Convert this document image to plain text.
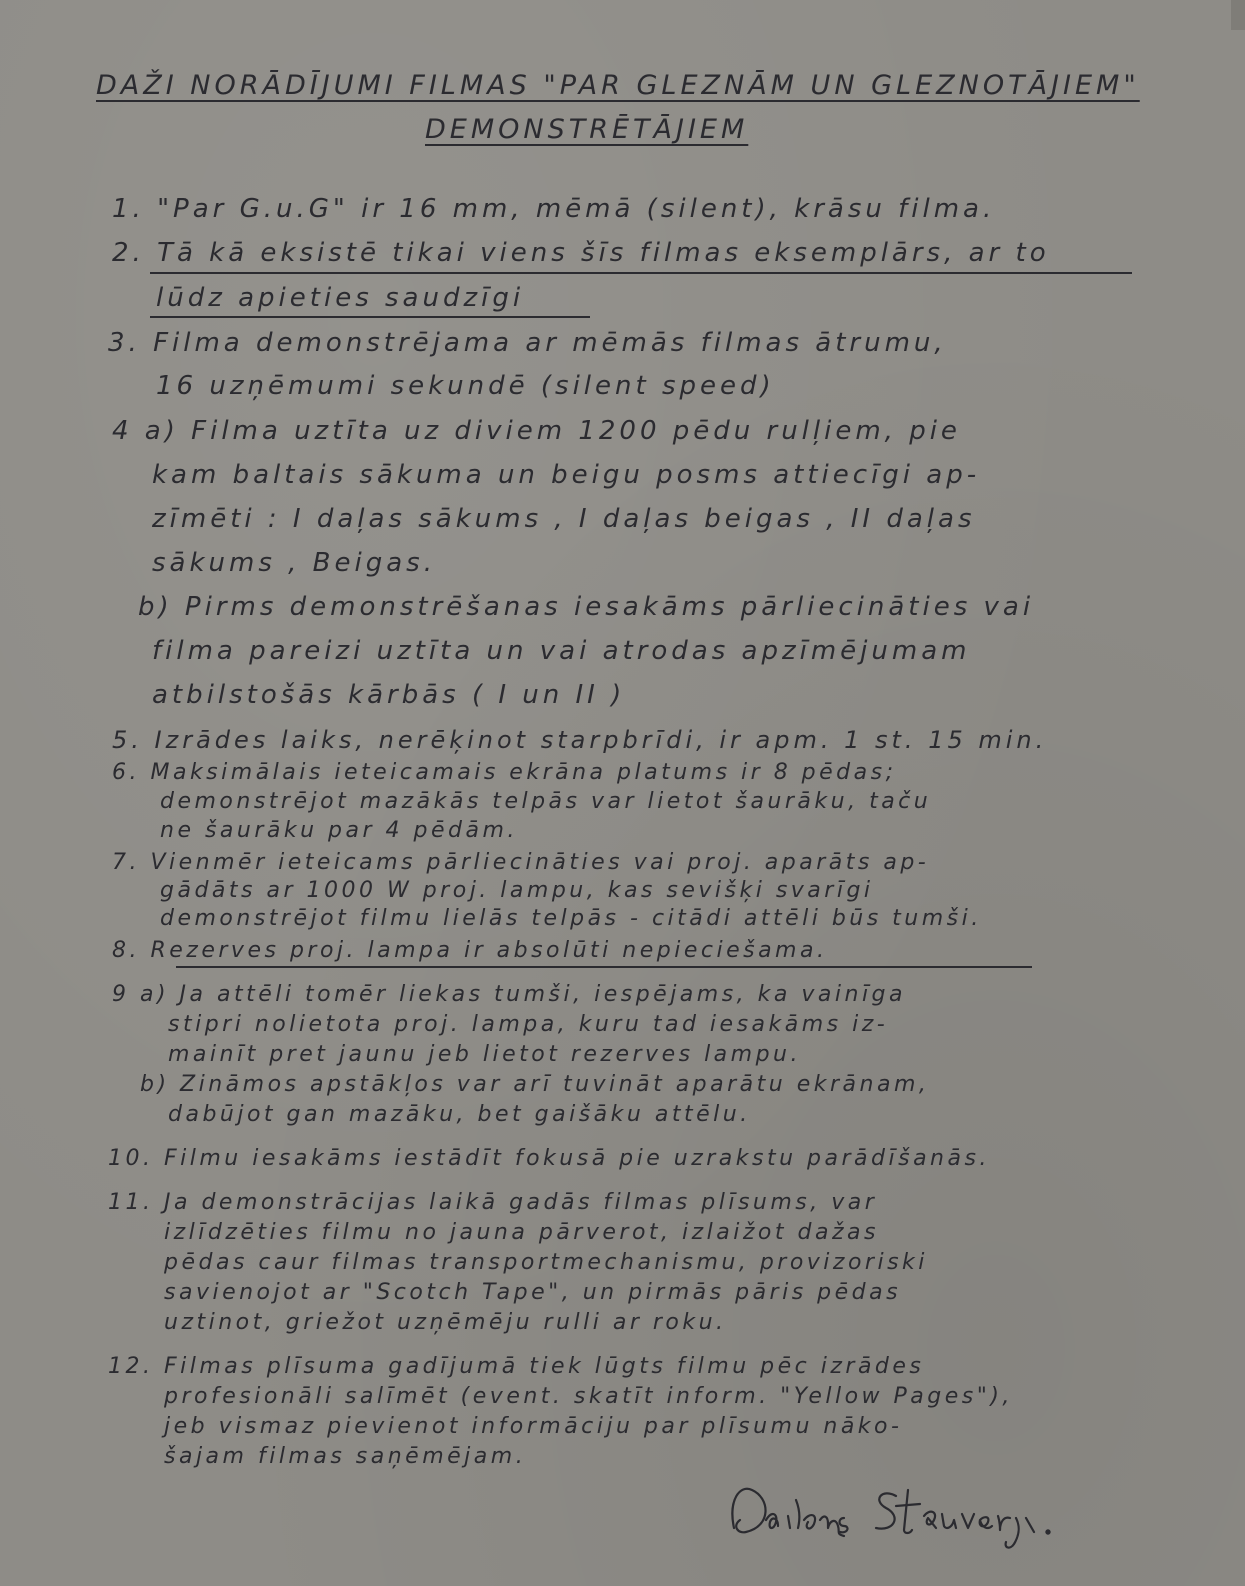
DAŽI NORĀDĪJUMI FILMAS "PAR GLEZNĀM UN GLEZNOTĀJIEM"
DEMONSTRĒTĀJIEM
1. "Par G.u.G" ir 16 mm, mēmā (silent), krāsu filma.
2. Tā kā eksistē tikai viens šīs filmas eksemplārs, ar to
lūdz apieties saudzīgi
3. Filma demonstrējama ar mēmās filmas ātrumu,
16 uzņēmumi sekundē (silent speed)
4 a) Filma uztīta uz diviem 1200 pēdu rulļiem, pie
kam baltais sākuma un beigu posms attiecīgi ap-
zīmēti : I daļas sākums , I daļas beigas , II daļas
sākums , Beigas.
b) Pirms demonstrēšanas iesakāms pārliecināties vai
filma pareizi uztīta un vai atrodas apzīmējumam
atbilstošās kārbās ( I un II )
5. Izrādes laiks, nerēķinot starpbrīdi, ir apm. 1 st. 15 min.
6. Maksimālais ieteicamais ekrāna platums ir 8 pēdas;
demonstrējot mazākās telpās var lietot šaurāku, taču
ne šaurāku par 4 pēdām.
7. Vienmēr ieteicams pārliecināties vai proj. aparāts ap-
gādāts ar 1000 W proj. lampu, kas sevišķi svarīgi
demonstrējot filmu lielās telpās - citādi attēli būs tumši.
8. Rezerves proj. lampa ir absolūti nepieciešama.
9 a) Ja attēli tomēr liekas tumši, iespējams, ka vainīga
stipri nolietota proj. lampa, kuru tad iesakāms iz-
mainīt pret jaunu jeb lietot rezerves lampu.
b) Zināmos apstākļos var arī tuvināt aparātu ekrānam,
dabūjot gan mazāku, bet gaišāku attēlu.
10. Filmu iesakāms iestādīt fokusā pie uzrakstu parādīšanās.
11. Ja demonstrācijas laikā gadās filmas plīsums, var
izlīdzēties filmu no jauna pārverot, izlaižot dažas
pēdas caur filmas transportmechanismu, provizoriski
savienojot ar "Scotch Tape", un pirmās pāris pēdas
uztinot, griežot uzņēmēju rulli ar roku.
12. Filmas plīsuma gadījumā tiek lūgts filmu pēc izrādes
profesionāli salīmēt (event. skatīt inform. "Yellow Pages"),
jeb vismaz pievienot informāciju par plīsumu nāko-
šajam filmas saņēmējam.
